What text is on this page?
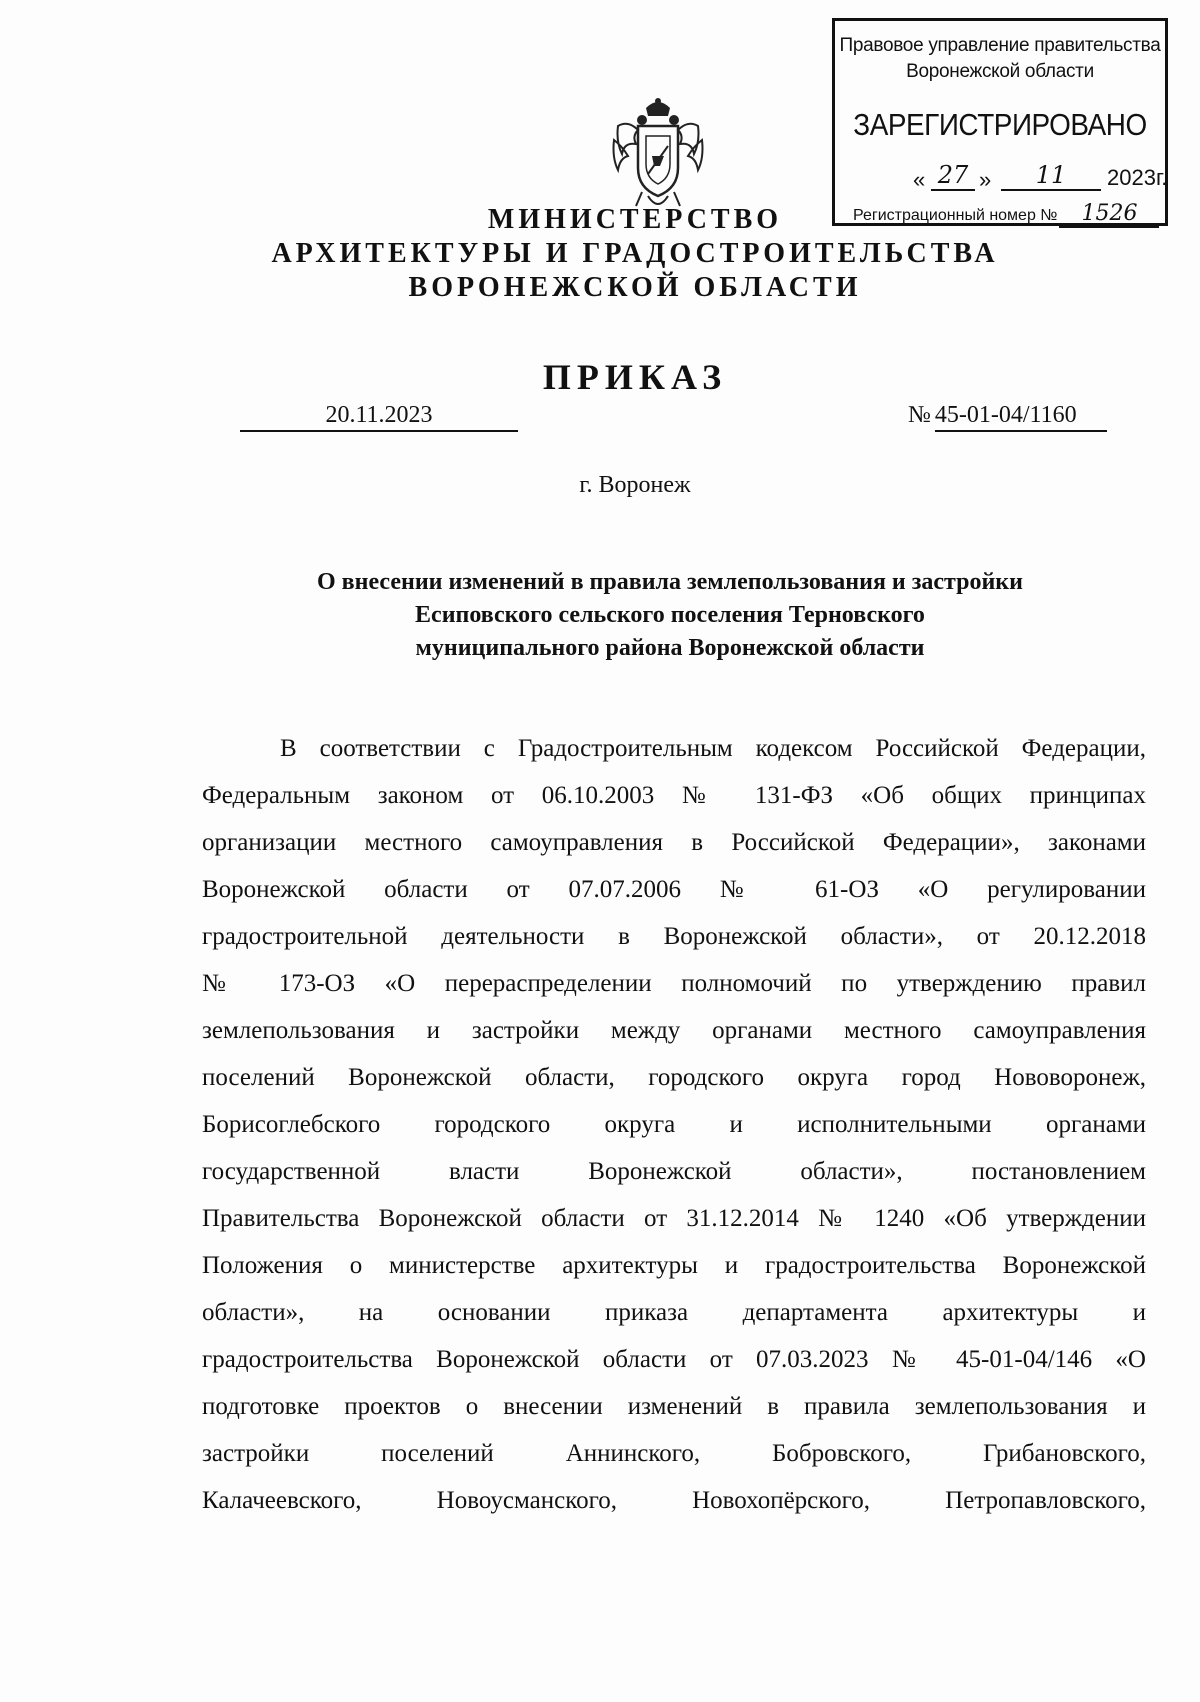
Правовое управление правительства
Воронежской области
ЗАРЕГИСТРИРОВАНО
« 27 »	11	2023г.
Регистрационный номер № 1526
МИНИСТЕРСТВО
АРХИТЕКТУРЫ И ГРАДОСТРОИТЕЛЬСТВА
ВОРОНЕЖСКОЙ ОБЛАСТИ
ПРИКАЗ
20.11.2023	№ 45-01-04/1160
г. Воронеж
О внесении изменений в правила землепользования и застройки
Есиповского сельского поселения Терновского
муниципального района Воронежской области
В соответствии с Градостроительным кодексом Российской Федерации,
Федеральным законом от 06.10.2003 № 131-ФЗ «Об общих принципах
организации местного самоуправления в Российской Федерации», законами
Воронежской области от 07.07.2006 № 61-ОЗ «О регулировании
градостроительной деятельности в Воронежской области», от 20.12.2018
№ 173-ОЗ «О перераспределении полномочий по утверждению правил
землепользования и застройки между органами местного самоуправления
поселений Воронежской области, городского округа город Нововоронеж,
Борисоглебского городского округа и исполнительными органами
государственной власти Воронежской области», постановлением
Правительства Воронежской области от 31.12.2014 № 1240 «Об утверждении
Положения о министерстве архитектуры и градостроительства Воронежской
области», на основании приказа департамента архитектуры и
градостроительства Воронежской области от 07.03.2023 № 45-01-04/146 «О
подготовке проектов о внесении изменений в правила землепользования и
застройки поселений Аннинского, Бобровского, Грибановского,
Калачеевского, Новоусманского, Новохопёрского, Петропавловского,
